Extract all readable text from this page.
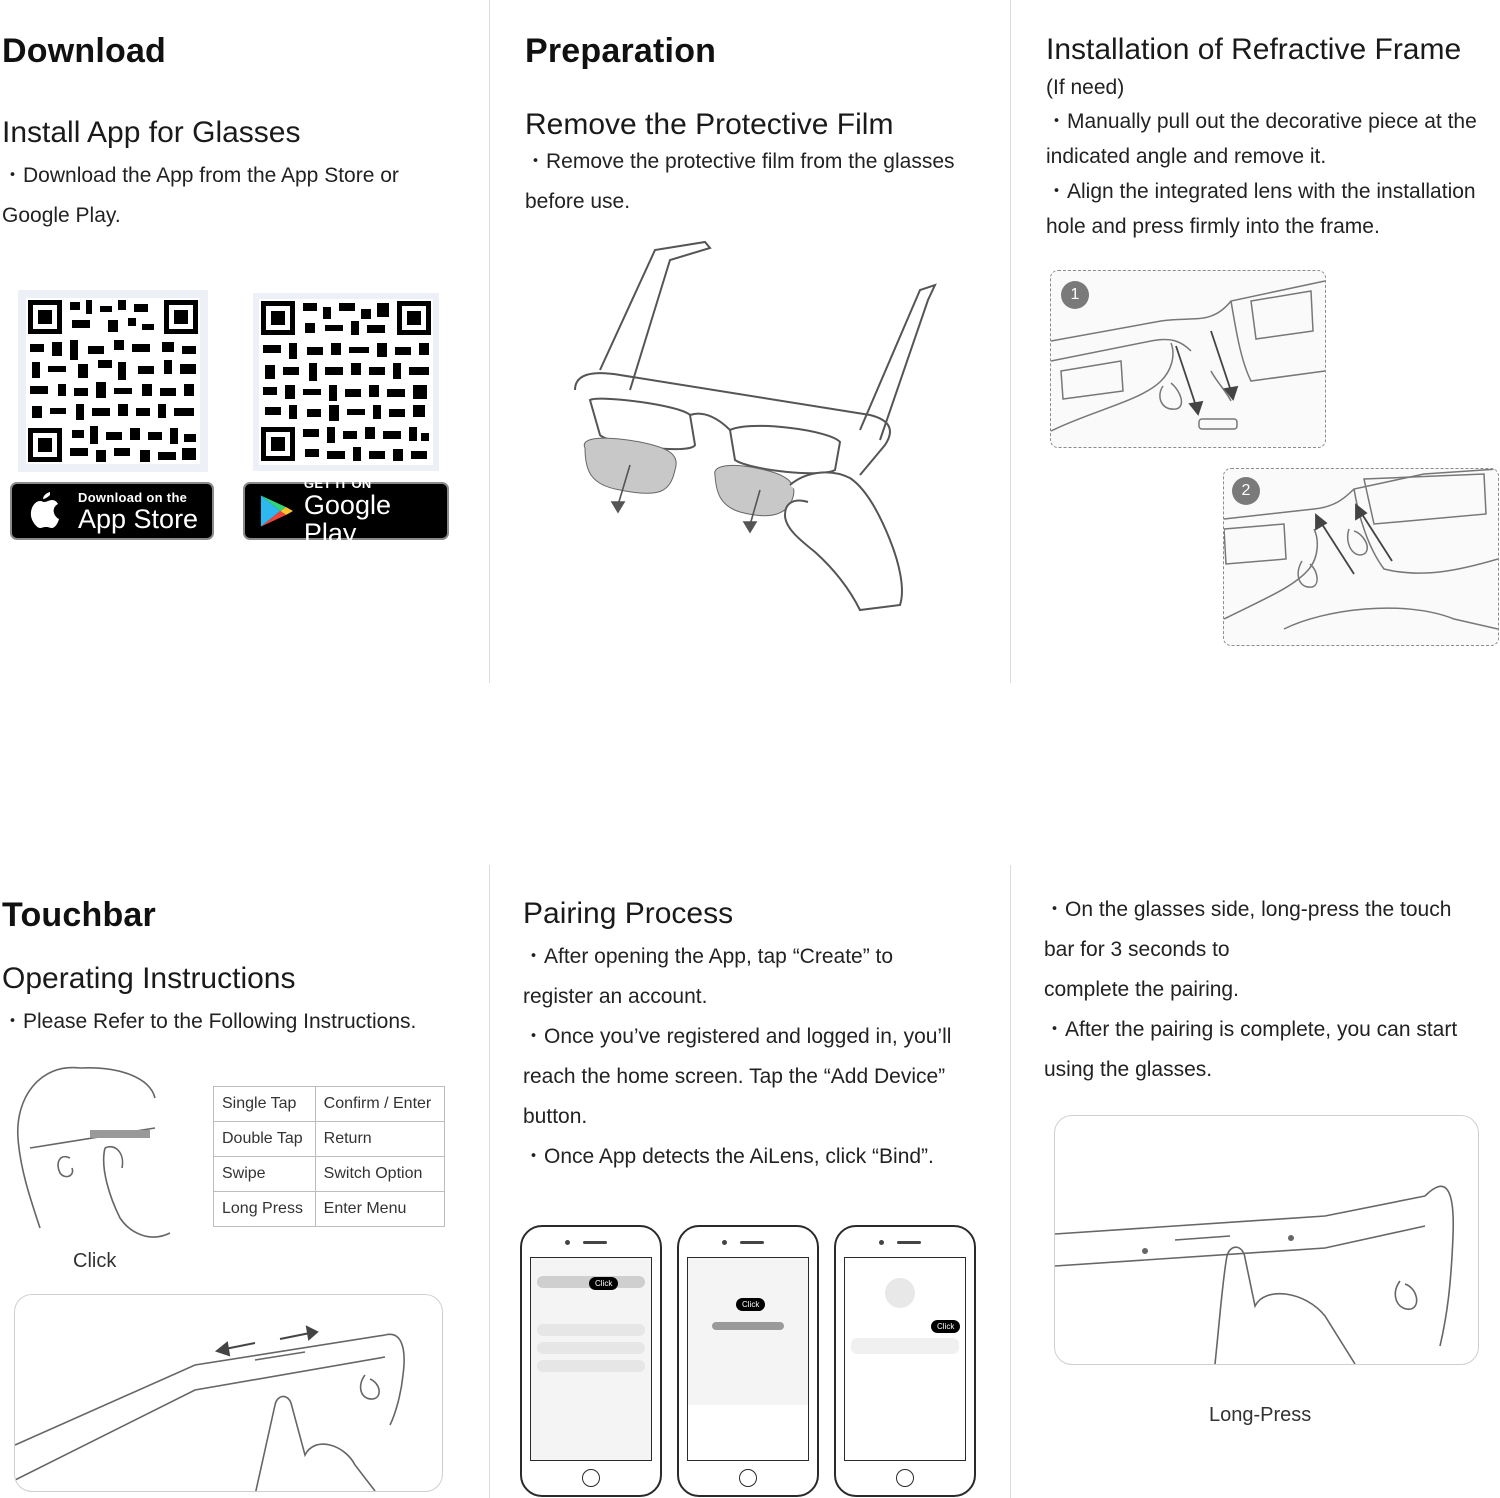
Download
Install App for Glasses
・Download the App from the App Store or
Google Play.
Download on the
App Store
GET IT ON
Google Play
Preparation
Remove the Protective Film
・Remove the protective film from the glasses
before use.
Installation of Refractive Frame
(If need)
・Manually pull out the decorative piece at the
indicated angle and remove it.
・Align the integrated lens with the installation
hole and press firmly into the frame.
1
2
Touchbar
Operating Instructions
・Please Refer to the Following Instructions.
Click
Single Tap	Confirm / Enter
Double Tap	Return
Swipe	Switch Option
Long Press	Enter Menu
Pairing Process
・After opening the App, tap “Create” to
register an account.
・Once you’ve registered and logged in, you’ll
reach the home screen. Tap the “Add Device”
button.
・Once App detects the AiLens, click “Bind”.
Click
Click
Click
・On the glasses side, long-press the touch
bar for 3 seconds to
complete the pairing.
・After the pairing is complete, you can start
using the glasses.
Long-Press
